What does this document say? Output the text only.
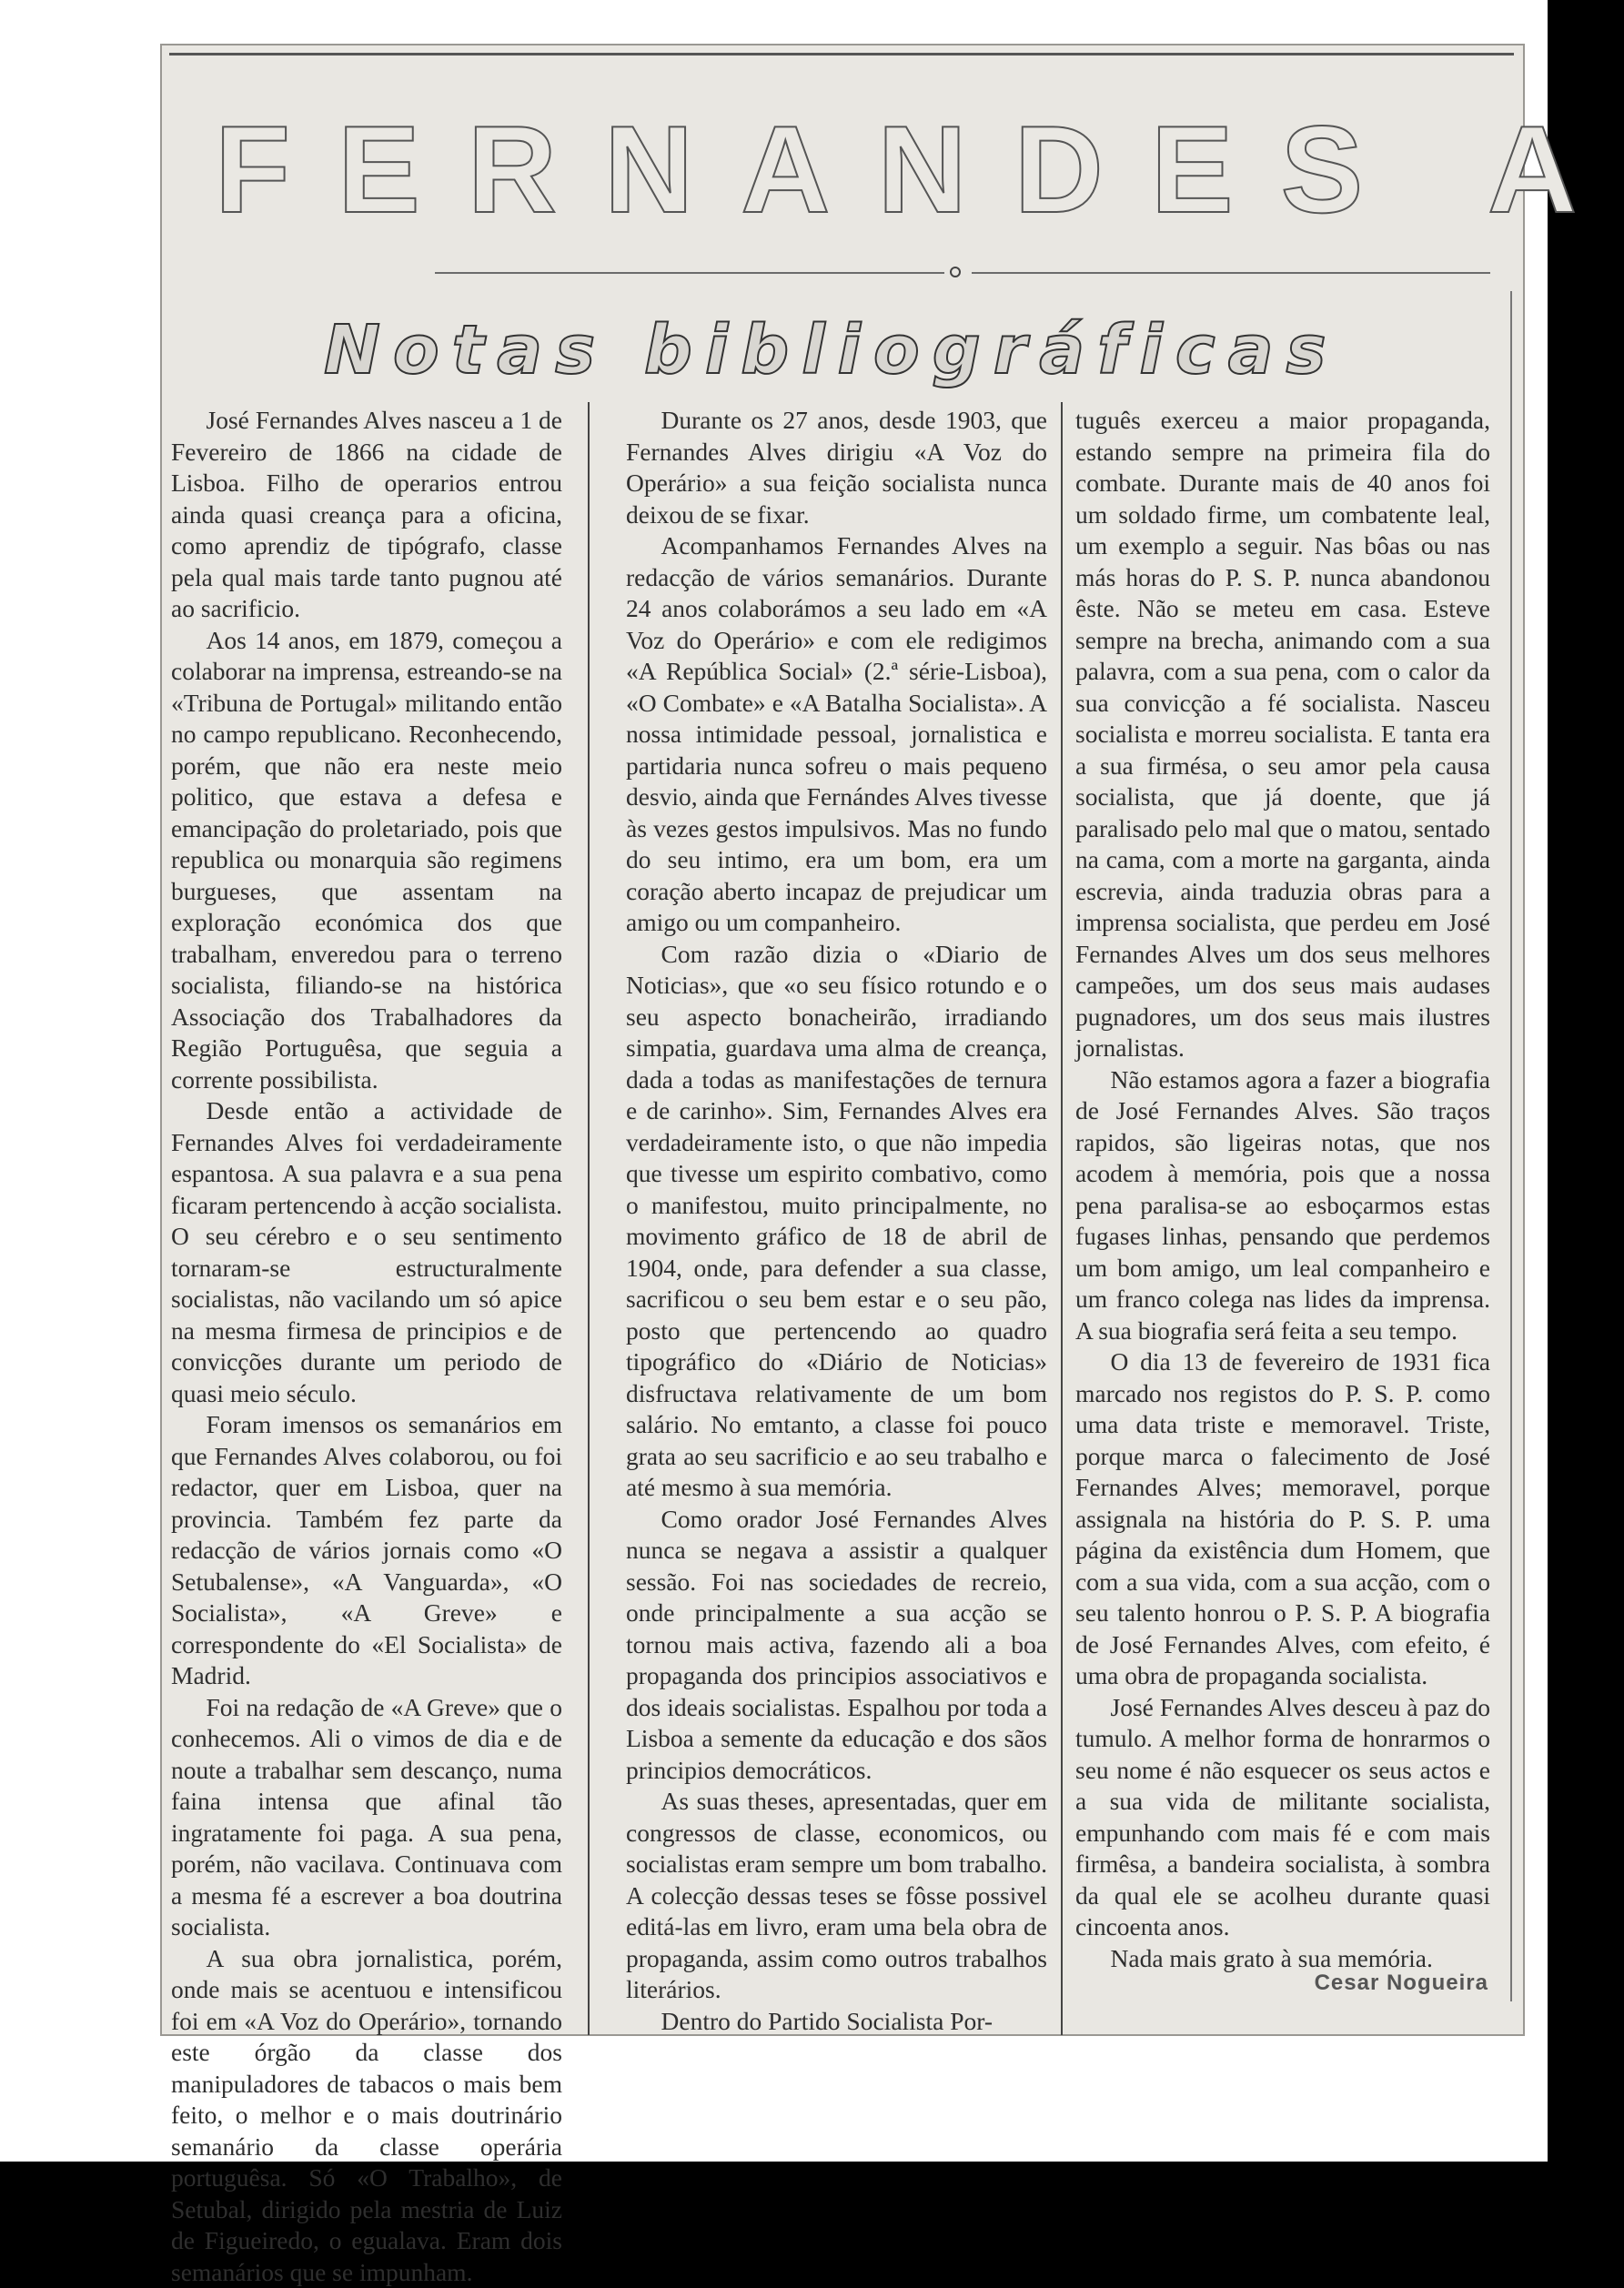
FERNANDES A
Notas bibliográficas

José Fernandes Alves nasceu a 1 de Fevereiro de 1866 na cidade de Lisboa. Filho de operarios entrou ainda quasi creança para a oficina, como aprendiz de tipógrafo, classe pela qual mais tarde tanto pugnou até ao sacrificio.

Aos 14 anos, em 1879, começou a colaborar na imprensa, estreando-se na «Tribuna de Portugal» militando então no campo republicano. Reconhecendo, porém, que não era neste meio politico, que estava a defesa e emancipação do proletariado, pois que republica ou monarquia são regimens burgueses, que assentam na exploração económica dos que trabalham, enveredou para o terreno socialista, filiando-se na histórica Associação dos Trabalhadores da Região Portuguêsa, que seguia a corrente possibilista.

Desde então a actividade de Fernandes Alves foi verdadeiramente espantosa. A sua palavra e a sua pena ficaram pertencendo à acção socialista. O seu cérebro e o seu sentimento tornaram-se estructuralmente socialistas, não vacilando um só apice na mesma firmesa de principios e de convicções durante um periodo de quasi meio século.

Foram imensos os semanários em que Fernandes Alves colaborou, ou foi redactor, quer em Lisboa, quer na provincia. Também fez parte da redacção de vários jornais como «O Setubalense», «A Vanguarda», «O Socialista», «A Greve» e correspondente do «El Socialista» de Madrid.

Foi na redação de «A Greve» que o conhecemos. Ali o vimos de dia e de noute a trabalhar sem descanço, numa faina intensa que afinal tão ingratamente foi paga. A sua pena, porém, não vacilava. Continuava com a mesma fé a escrever a boa doutrina socialista.

A sua obra jornalistica, porém, onde mais se acentuou e intensificou foi em «A Voz do Operário», tornando este órgão da classe dos manipuladores de tabacos o mais bem feito, o melhor e o mais doutrinário semanário da classe operária portuguêsa. Só «O Trabalho», de Setubal, dirigido pela mestria de Luiz de Figueiredo, o egualava. Eram dois semanários que se impunham.

Durante os 27 anos, desde 1903, que Fernandes Alves dirigiu «A Voz do Operário» a sua feição socialista nunca deixou de se fixar.

Acompanhamos Fernandes Alves na redacção de vários semanários. Durante 24 anos colaborámos a seu lado em «A Voz do Operário» e com ele redigimos «A República Social» (2.ª série-Lisboa), «O Combate» e «A Batalha Socialista». A nossa intimidade pessoal, jornalistica e partidaria nunca sofreu o mais pequeno desvio, ainda que Fernándes Alves tivesse às vezes gestos impulsivos. Mas no fundo do seu intimo, era um bom, era um coração aberto incapaz de prejudicar um amigo ou um companheiro.

Com razão dizia o «Diario de Noticias», que «o seu físico rotundo e o seu aspecto bonacheirão, irradiando simpatia, guardava uma alma de creança, dada a todas as manifestações de ternura e de carinho». Sim, Fernandes Alves era verdadeiramente isto, o que não impedia que tivesse um espirito combativo, como o manifestou, muito principalmente, no movimento gráfico de 18 de abril de 1904, onde, para defender a sua classe, sacrificou o seu bem estar e o seu pão, posto que pertencendo ao quadro tipográfico do «Diário de Noticias» disfructava relativamente de um bom salário. No emtanto, a classe foi pouco grata ao seu sacrificio e ao seu trabalho e até mesmo à sua memória.

Como orador José Fernandes Alves nunca se negava a assistir a qualquer sessão. Foi nas sociedades de recreio, onde principalmente a sua acção se tornou mais activa, fazendo ali a boa propaganda dos principios associativos e dos ideais socialistas. Espalhou por toda a Lisboa a semente da educação e dos sãos principios democráticos.

As suas theses, apresentadas, quer em congressos de classe, economicos, ou socialistas eram sempre um bom trabalho. A colecção dessas teses se fôsse possivel editá-las em livro, eram uma bela obra de propaganda, assim como outros trabalhos literários.

Dentro do Partido Socialista Por-

tuguês exerceu a maior propaganda, estando sempre na primeira fila do combate. Durante mais de 40 anos foi um soldado firme, um combatente leal, um exemplo a seguir. Nas bôas ou nas más horas do P. S. P. nunca abandonou êste. Não se meteu em casa. Esteve sempre na brecha, animando com a sua palavra, com a sua pena, com o calor da sua convicção a fé socialista. Nasceu socialista e morreu socialista. E tanta era a sua firmésa, o seu amor pela causa socialista, que já doente, que já paralisado pelo mal que o matou, sentado na cama, com a morte na garganta, ainda escrevia, ainda traduzia obras para a imprensa socialista, que perdeu em José Fernandes Alves um dos seus melhores campeões, um dos seus mais audases pugnadores, um dos seus mais ilustres jornalistas.

Não estamos agora a fazer a biografia de José Fernandes Alves. São traços rapidos, são ligeiras notas, que nos acodem à memória, pois que a nossa pena paralisa-se ao esboçarmos estas fugases linhas, pensando que perdemos um bom amigo, um leal companheiro e um franco colega nas lides da imprensa. A sua biografia será feita a seu tempo.

O dia 13 de fevereiro de 1931 fica marcado nos registos do P. S. P. como uma data triste e memoravel. Triste, porque marca o falecimento de José Fernandes Alves; memoravel, porque assignala na história do P. S. P. uma página da existência dum Homem, que com a sua vida, com a sua acção, com o seu talento honrou o P. S. P. A biografia de José Fernandes Alves, com efeito, é uma obra de propaganda socialista.

José Fernandes Alves desceu à paz do tumulo. A melhor forma de honrarmos o seu nome é não esquecer os seus actos e a sua vida de militante socialista, empunhando com mais fé e com mais firmêsa, a bandeira socialista, à sombra da qual ele se acolheu durante quasi cincoenta anos.

Nada mais grato à sua memória.

Cesar Nogueira
